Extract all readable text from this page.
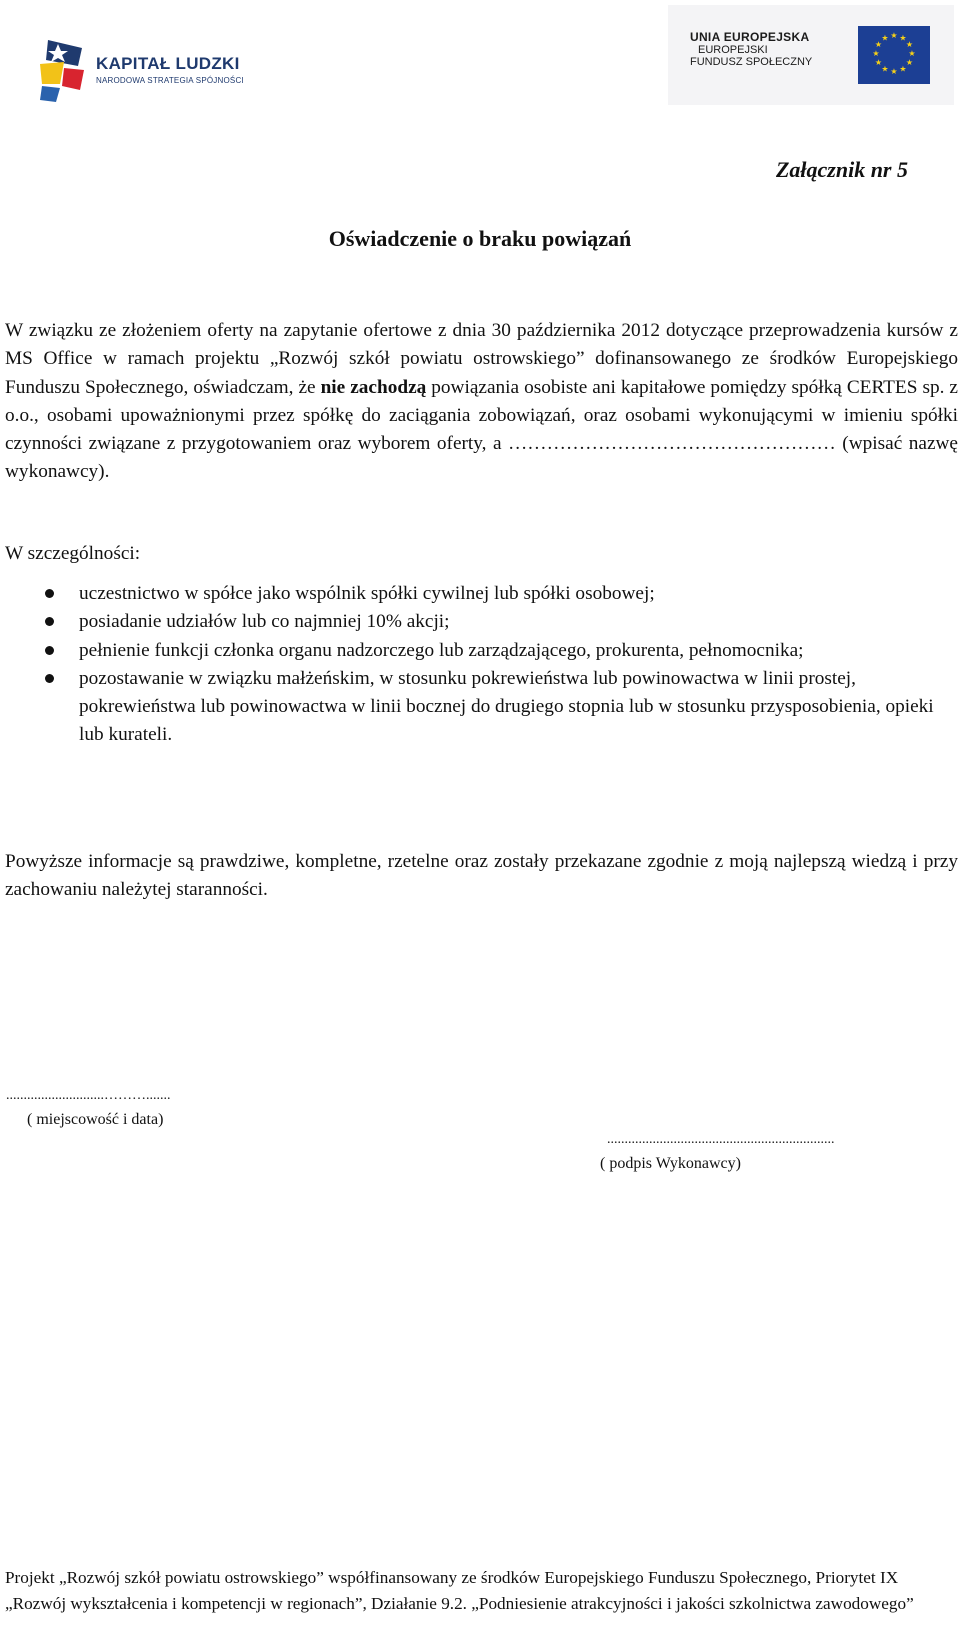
KAPITAŁ LUDZKI
NARODOWA STRATEGIA SPÓJNOŚCI
UNIA EUROPEJSKA
EUROPEJSKI
FUNDUSZ SPOŁECZNY
★ ★
★
★
★
★
★
★
★
★
★
★
Załącznik nr 5
Oświadczenie o braku powiązań

W związku ze złożeniem oferty na zapytanie ofertowe z dnia 30 października 2012 dotyczące przeprowadzenia kursów z MS Office w ramach projektu „Rozwój szkół powiatu ostrowskiego” dofinansowanego ze środków Europejskiego Funduszu Społecznego, oświadczam, że nie zachodzą powiązania osobiste ani kapitałowe pomiędzy spółką CERTES sp. z o.o., osobami upoważnionymi przez spółkę do zaciągania zobowiązań, oraz osobami wykonującymi w imieniu spółki czynności związane z przygotowaniem oraz wyborem oferty, a …………………………………………… (wpisać nazwę wykonawcy).

W szczególności:

uczestnictwo w spółce jako wspólnik spółki cywilnej lub spółki osobowej;
posiadanie udziałów lub co najmniej 10% akcji;
pełnienie funkcji członka organu nadzorczego lub zarządzającego, prokurenta, pełnomocnika;
pozostawanie w związku małżeńskim, w stosunku pokrewieństwa lub powinowactwa w linii prostej, pokrewieństwa lub powinowactwa w linii bocznej do drugiego stopnia lub w stosunku przysposobienia, opieki lub kurateli.

Powyższe informacje są prawdziwe, kompletne, rzetelne oraz zostały przekazane zgodnie z moją najlepszą wiedzą i przy zachowaniu należytej staranności.

............................……….......
( miejscowość i data)
.................................................................
( podpis Wykonawcy)
Projekt „Rozwój szkół powiatu ostrowskiego” współfinansowany ze środków Europejskiego Funduszu Społecznego, Priorytet IX „Rozwój wykształcenia i kompetencji w regionach”, Działanie 9.2. „Podniesienie atrakcyjności i jakości szkolnictwa zawodowego”
